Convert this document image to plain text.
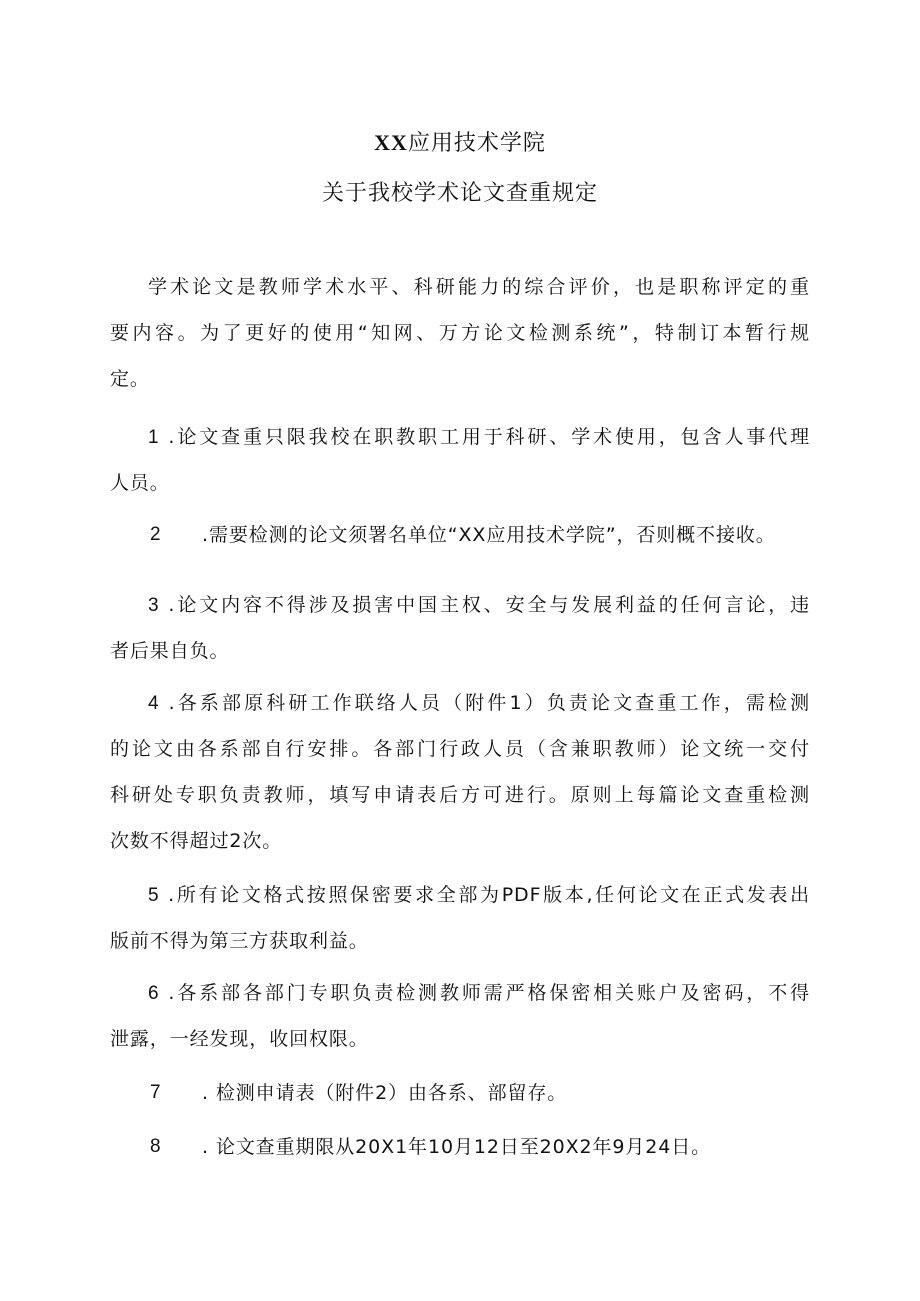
XX应用技术学院
关于我校学术论文查重规定
学术论文是教师学术水平、科研能力的综合评价，也是职称评定的重
要内容。为了更好的使用“知网、万方论文检测系统”，特制订本暂行规
定。
1 .论文查重只限我校在职教职工用于科研、学术使用，包含人事代理
人员。
2 .需要检测的论文须署名单位“XX应用技术学院”，否则概不接收。
3 .论文内容不得涉及损害中国主权、安全与发展利益的任何言论，违
者后果自负。
4 .各系部原科研工作联络人员（附件1）负责论文查重工作，需检测
的论文由各系部自行安排。各部门行政人员（含兼职教师）论文统一交付
科研处专职负责教师，填写申请表后方可进行。原则上每篇论文查重检测
次数不得超过2次。
5 .所有论文格式按照保密要求全部为PDF版本,任何论文在正式发表出
版前不得为第三方获取利益。
6 .各系部各部门专职负责检测教师需严格保密相关账户及密码，不得
泄露，一经发现，收回权限。
7 . 检测申请表（附件2）由各系、部留存。
8 . 论文查重期限从20X1年10月12日至20X2年9月24日。
